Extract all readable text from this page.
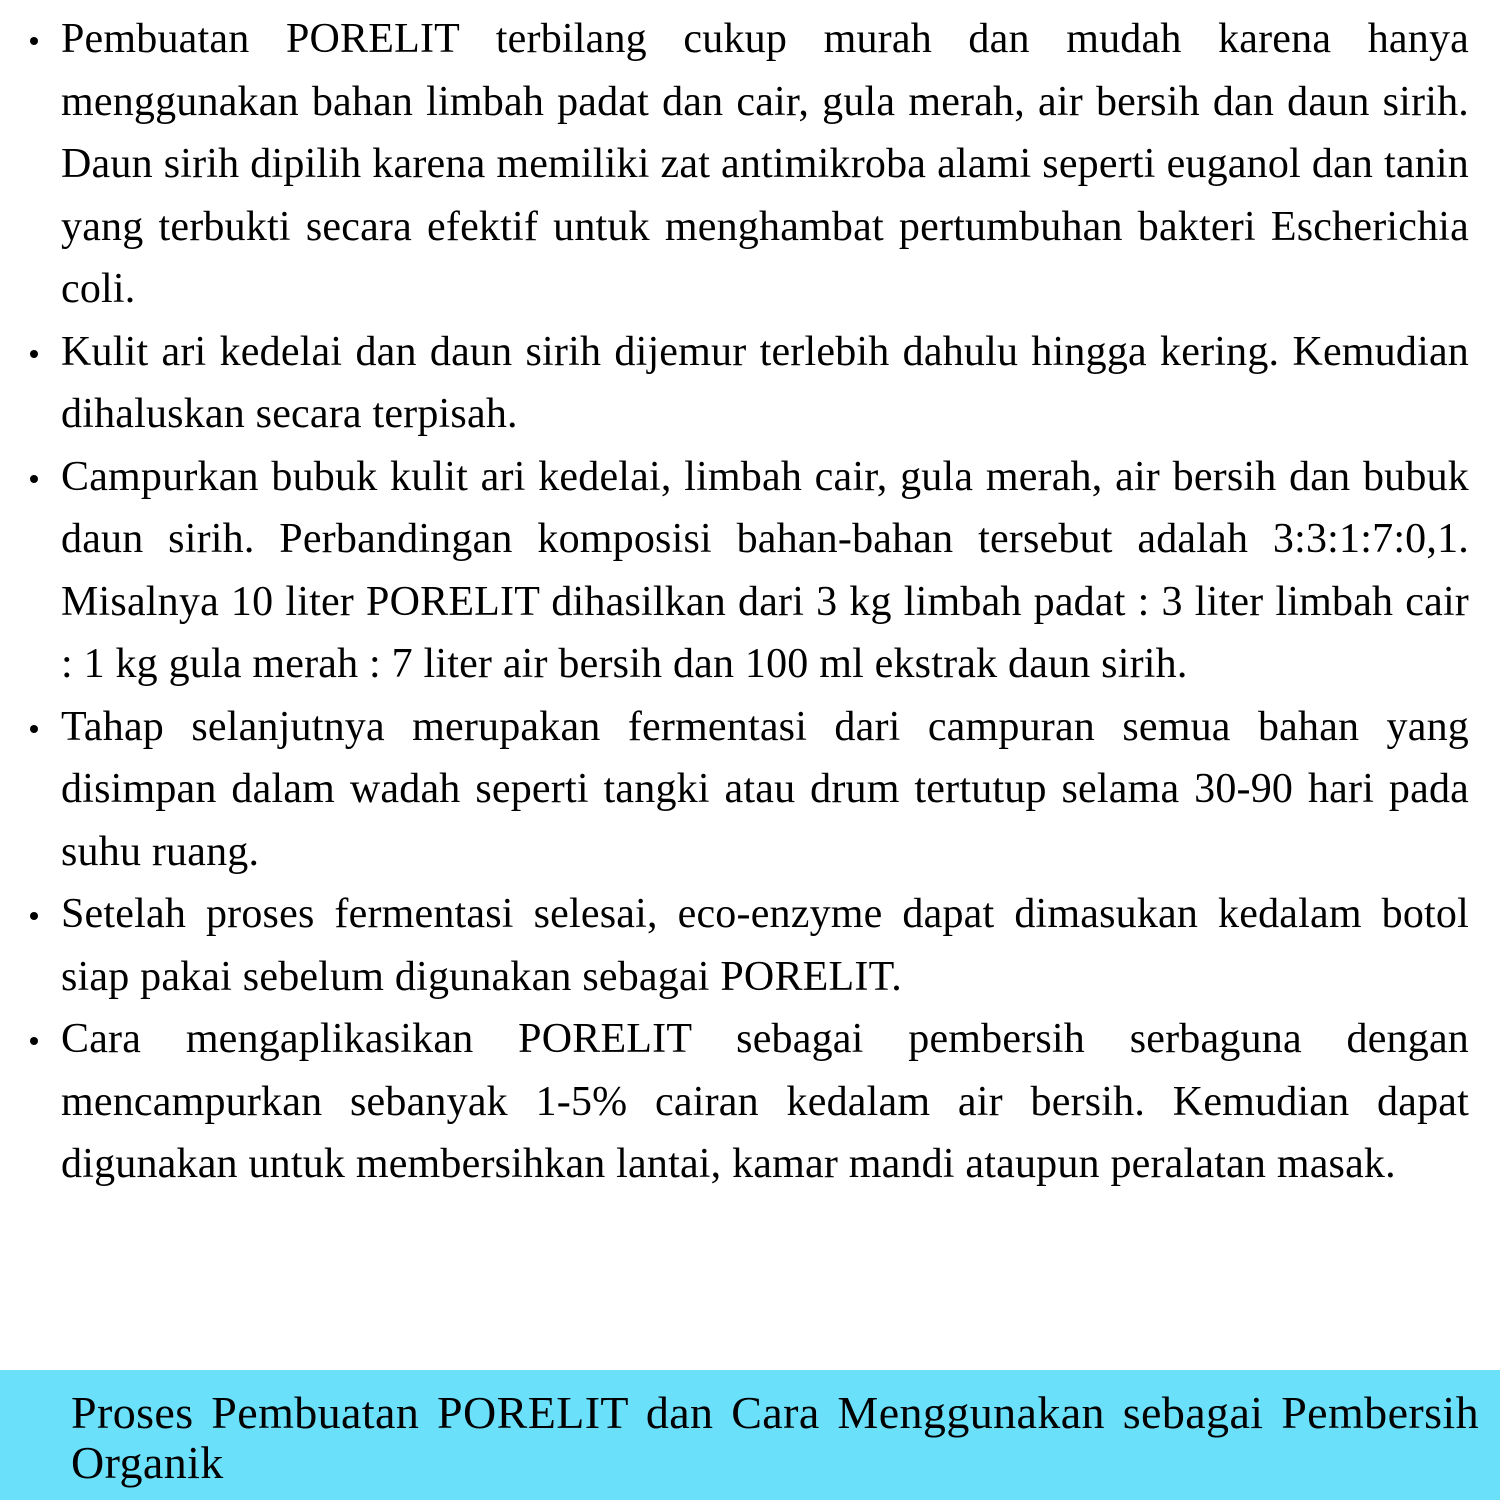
Pembuatan PORELIT terbilang cukup murah dan mudah karena hanya menggunakan bahan limbah padat dan cair, gula merah, air bersih dan daun sirih. Daun sirih dipilih karena memiliki zat antimikroba alami seperti euganol dan tanin yang terbukti secara efektif untuk menghambat pertumbuhan bakteri Escherichia coli.
Kulit ari kedelai dan daun sirih dijemur terlebih dahulu hingga kering. Kemudian dihaluskan secara terpisah.
Campurkan bubuk kulit ari kedelai, limbah cair, gula merah, air bersih dan bubuk daun sirih. Perbandingan komposisi bahan-bahan tersebut adalah 3:3:1:7:0,1. Misalnya 10 liter PORELIT dihasilkan dari 3 kg limbah padat : 3 liter limbah cair : 1 kg gula merah : 7 liter air bersih dan 100 ml ekstrak daun sirih.
Tahap selanjutnya merupakan fermentasi dari campuran semua bahan yang disimpan dalam wadah seperti tangki atau drum tertutup selama 30-90 hari pada suhu ruang.
Setelah proses fermentasi selesai, eco-enzyme dapat dimasukan kedalam botol siap pakai sebelum digunakan sebagai PORELIT.
Cara mengaplikasikan PORELIT sebagai pembersih serbaguna dengan mencampurkan sebanyak 1-5% cairan kedalam air bersih. Kemudian dapat digunakan untuk membersihkan lantai, kamar mandi ataupun peralatan masak.
Proses Pembuatan PORELIT dan Cara Menggunakan sebagai Pembersih Organik
